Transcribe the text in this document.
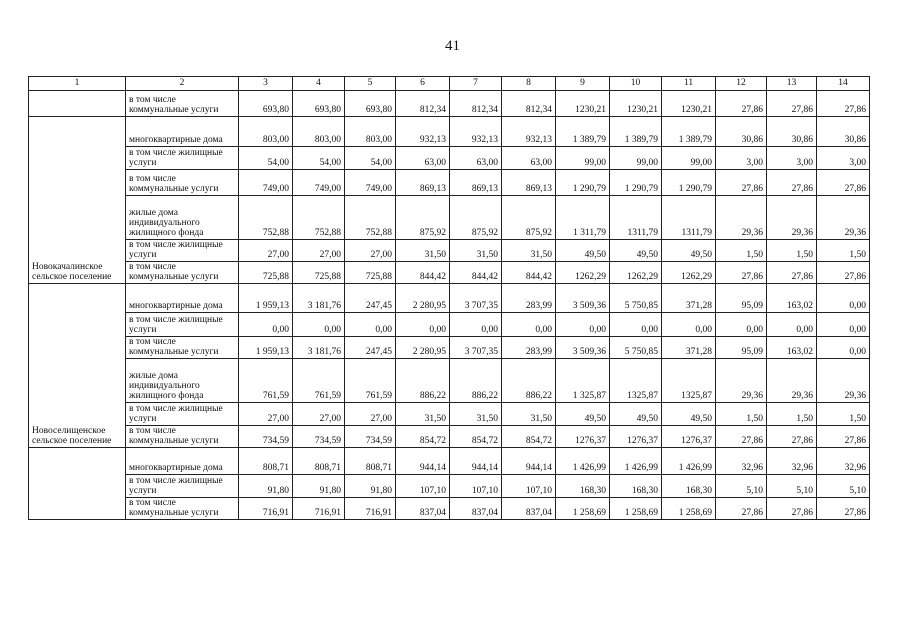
41
1	2	3	4	5	6	7	8	9	10	11	12	13	14
	в том числе коммунальные услуги	693,80	693,80	693,80	812,34	812,34	812,34	1230,21	1230,21	1230,21	27,86	27,86	27,86
Новокачалинское сельское поселение	многоквартирные дома	803,00	803,00	803,00	932,13	932,13	932,13	1 389,79	1 389,79	1 389,79	30,86	30,86	30,86
	в том числе жилищные услуги	54,00	54,00	54,00	63,00	63,00	63,00	99,00	99,00	99,00	3,00	3,00	3,00
	в том числе коммунальные услуги	749,00	749,00	749,00	869,13	869,13	869,13	1 290,79	1 290,79	1 290,79	27,86	27,86	27,86
	жилые дома индивидуального жилищного фонда	752,88	752,88	752,88	875,92	875,92	875,92	1 311,79	1311,79	1311,79	29,36	29,36	29,36
	в том числе жилищные услуги	27,00	27,00	27,00	31,50	31,50	31,50	49,50	49,50	49,50	1,50	1,50	1,50
	в том числе коммунальные услуги	725,88	725,88	725,88	844,42	844,42	844,42	1262,29	1262,29	1262,29	27,86	27,86	27,86
Новоселищенское сельское поселение	многоквартирные дома	1 959,13	3 181,76	247,45	2 280,95	3 707,35	283,99	3 509,36	5 750,85	371,28	95,09	163,02	0,00
	в том числе жилищные услуги	0,00	0,00	0,00	0,00	0,00	0,00	0,00	0,00	0,00	0,00	0,00	0,00
	в том числе коммунальные услуги	1 959,13	3 181,76	247,45	2 280,95	3 707,35	283,99	3 509,36	5 750,85	371,28	95,09	163,02	0,00
	жилые дома индивидуального жилищного фонда	761,59	761,59	761,59	886,22	886,22	886,22	1 325,87	1325,87	1325,87	29,36	29,36	29,36
	в том числе жилищные услуги	27,00	27,00	27,00	31,50	31,50	31,50	49,50	49,50	49,50	1,50	1,50	1,50
	в том числе коммунальные услуги	734,59	734,59	734,59	854,72	854,72	854,72	1276,37	1276,37	1276,37	27,86	27,86	27,86
	многоквартирные дома	808,71	808,71	808,71	944,14	944,14	944,14	1 426,99	1 426,99	1 426,99	32,96	32,96	32,96
	в том числе жилищные услуги	91,80	91,80	91,80	107,10	107,10	107,10	168,30	168,30	168,30	5,10	5,10	5,10
	в том числе коммунальные услуги	716,91	716,91	716,91	837,04	837,04	837,04	1 258,69	1 258,69	1 258,69	27,86	27,86	27,86
